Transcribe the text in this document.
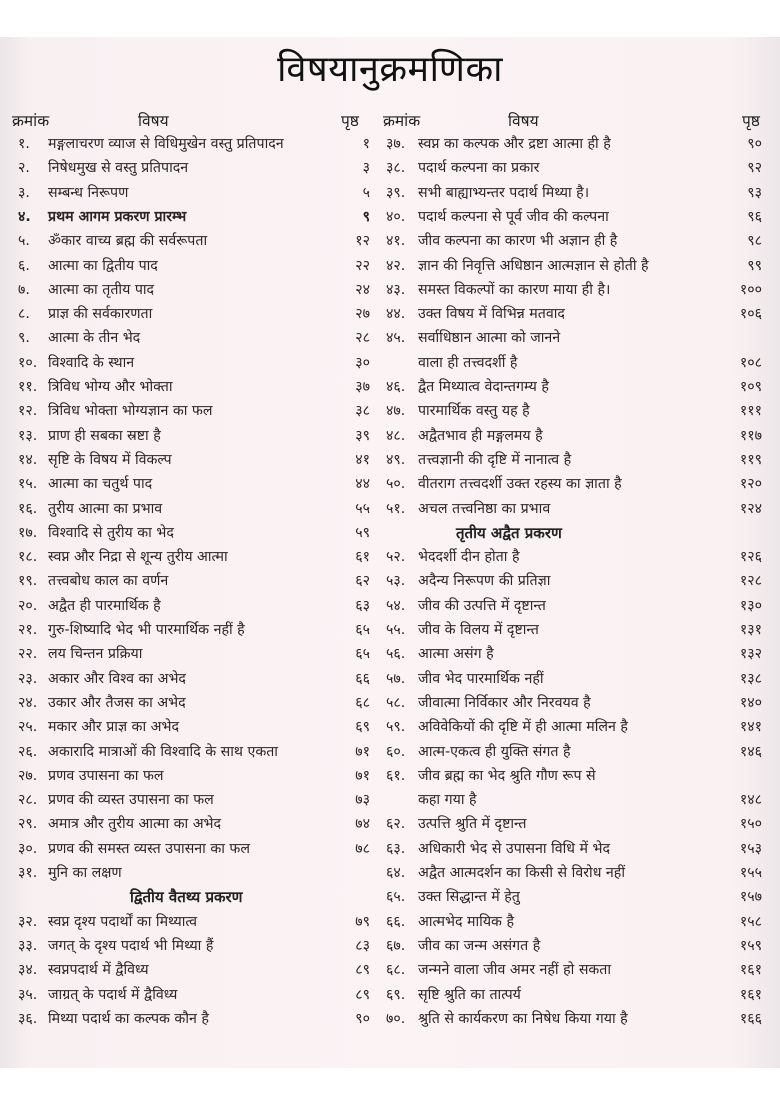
विषयानुक्रमणिका
क्रमांक	विषय	पृष्ठ क्रमांक	विषय	पृष्ठ
१. मङ्गलाचरण व्याज से विधिमुखेन वस्तु प्रतिपादन	१
२. निषेधमुख से वस्तु प्रतिपादन	३
३. सम्बन्ध निरूपण	५
४. प्रथम आगम प्रकरण प्रारम्भ	९
५. ॐकार वाच्य ब्रह्म की सर्वरूपता	१२
६. आत्मा का द्वितीय पाद	२२
७. आत्मा का तृतीय पाद	२४
८. प्राज्ञ की सर्वकारणता	२७
९. आत्मा के तीन भेद	२८
१०. विश्वादि के स्थान	३०
११. त्रिविध भोग्य और भोक्ता	३७
१२. त्रिविध भोक्ता भोग्यज्ञान का फल	३८
१३. प्राण ही सबका स्रष्टा है	३९
१४. सृष्टि के विषय में विकल्प	४१
१५. आत्मा का चतुर्थ पाद	४४
१६. तुरीय आत्मा का प्रभाव	५५
१७. विश्वादि से तुरीय का भेद	५९
१८. स्वप्न और निद्रा से शून्य तुरीय आत्मा	६१
१९. तत्त्वबोध काल का वर्णन	६२
२०. अद्वैत ही पारमार्थिक है	६३
२१. गुरु-शिष्यादि भेद भी पारमार्थिक नहीं है	६५
२२. लय चिन्तन प्रक्रिया	६५
२३. अकार और विश्व का अभेद	६६
२४. उकार और तैजस का अभेद	६८
२५. मकार और प्राज्ञ का अभेद	६९
२६. अकारादि मात्राओं की विश्वादि के साथ एकता	७१
२७. प्रणव उपासना का फल	७१
२८. प्रणव की व्यस्त उपासना का फल	७३
२९. अमात्र और तुरीय आत्मा का अभेद	७४
३०. प्रणव की समस्त व्यस्त उपासना का फल	७८
३१. मुनि का लक्षण
द्वितीय वैतथ्य प्रकरण
३२. स्वप्न दृश्य पदार्थों का मिथ्यात्व	७९
३३. जगत् के दृश्य पदार्थ भी मिथ्या हैं	८३
३४. स्वप्नपदार्थ में द्वैविध्य	८९
३५. जाग्रत् के पदार्थ में द्वैविध्य	८९
३६. मिथ्या पदार्थ का कल्पक कौन है	९०
३७. स्वप्न का कल्पक और द्रष्टा आत्मा ही है	९०
३८. पदार्थ कल्पना का प्रकार	९२
३९. सभी बाह्याभ्यन्तर पदार्थ मिथ्या है।	९३
४०. पदार्थ कल्पना से पूर्व जीव की कल्पना	९६
४१. जीव कल्पना का कारण भी अज्ञान ही है	९८
४२. ज्ञान की निवृत्ति अधिष्ठान आत्मज्ञान से होती है	९९
४३. समस्त विकल्पों का कारण माया ही है।	१००
४४. उक्त विषय में विभिन्न मतवाद	१०६
४५. सर्वाधिष्ठान आत्मा को जानने
वाला ही तत्त्वदर्शी है	१०८
४६. द्वैत मिथ्यात्व वेदान्तगम्य है	१०९
४७. पारमार्थिक वस्तु यह है	१११
४८. अद्वैतभाव ही मङ्गलमय है	११७
४९. तत्त्वज्ञानी की दृष्टि में नानात्व है	११९
५०. वीतराग तत्त्वदर्शी उक्त रहस्य का ज्ञाता है	१२०
५१. अचल तत्त्वनिष्ठा का प्रभाव	१२४
तृतीय अद्वैत प्रकरण
५२. भेददर्शी दीन होता है	१२६
५३. अदैन्य निरूपण की प्रतिज्ञा	१२८
५४. जीव की उत्पत्ति में दृष्टान्त	१३०
५५. जीव के विलय में दृष्टान्त	१३१
५६. आत्मा असंग है	१३२
५७. जीव भेद पारमार्थिक नहीं	१३८
५८. जीवात्मा निर्विकार और निरवयव है	१४०
५९. अविवेकियों की दृष्टि में ही आत्मा मलिन है	१४१
६०. आत्म-एकत्व ही युक्ति संगत है	१४६
६१. जीव ब्रह्म का भेद श्रुति गौण रूप से
कहा गया है	१४८
६२. उत्पत्ति श्रुति में दृष्टान्त	१५०
६३. अधिकारी भेद से उपासना विधि में भेद	१५३
६४. अद्वैत आत्मदर्शन का किसी से विरोध नहीं	१५५
६५. उक्त सिद्धान्त में हेतु	१५७
६६. आत्मभेद मायिक है	१५८
६७. जीव का जन्म असंगत है	१५९
६८. जन्मने वाला जीव अमर नहीं हो सकता	१६१
६९. सृष्टि श्रुति का तात्पर्य	१६१
७०. श्रुति से कार्यकरण का निषेध किया गया है	१६६
